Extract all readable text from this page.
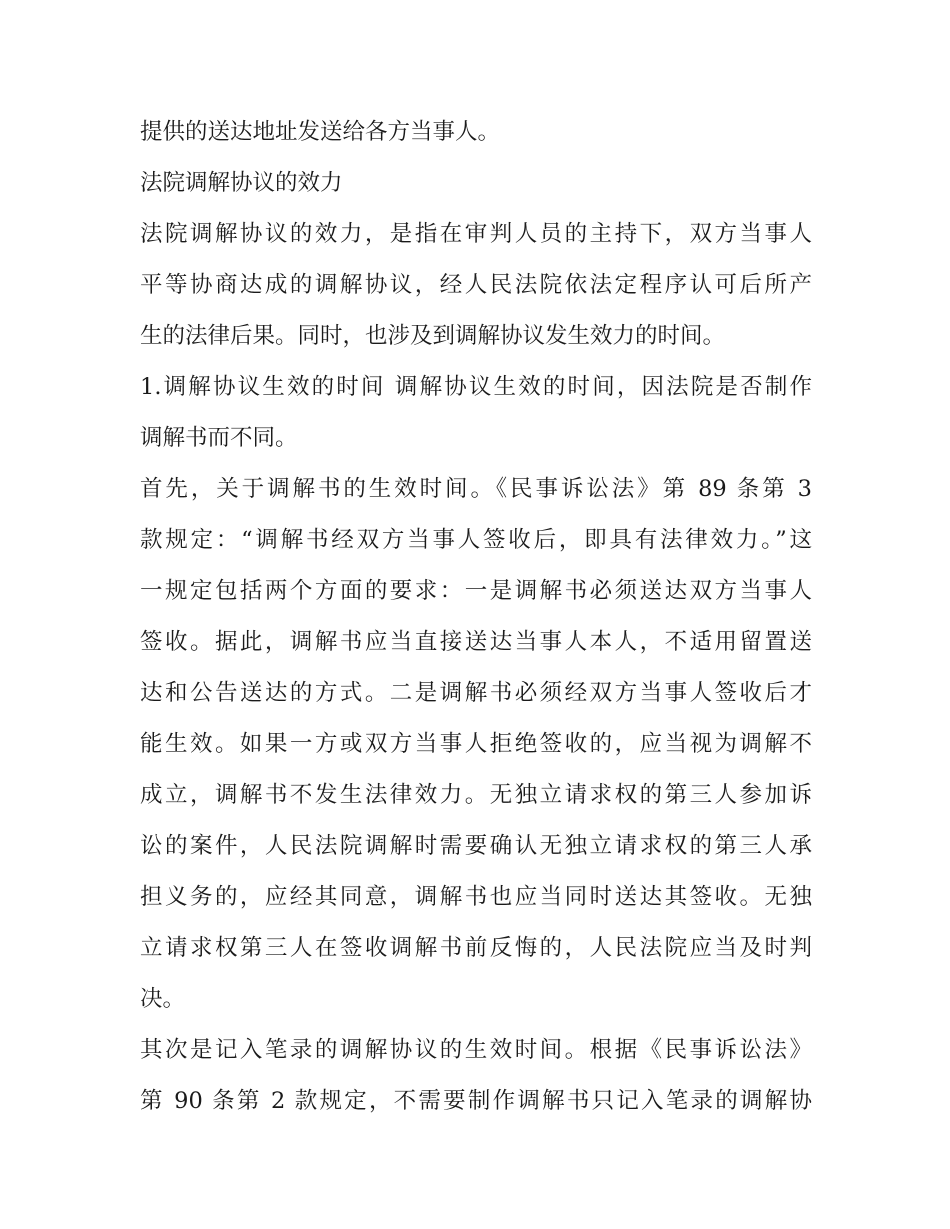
提供的送达地址发送给各方当事人。
法院调解协议的效力
法院调解协议的效力，是指在审判人员的主持下，双方当事人
平等协商达成的调解协议，经人民法院依法定程序认可后所产
生的法律后果。同时，也涉及到调解协议发生效力的时间。
1.调解协议生效的时间 调解协议生效的时间，因法院是否制作
调解书而不同。
首先，关于调解书的生效时间。《民事诉讼法》第 89 条第 3
款规定：“调解书经双方当事人签收后，即具有法律效力。”这
一规定包括两个方面的要求：一是调解书必须送达双方当事人
签收。据此，调解书应当直接送达当事人本人，不适用留置送
达和公告送达的方式。二是调解书必须经双方当事人签收后才
能生效。如果一方或双方当事人拒绝签收的，应当视为调解不
成立，调解书不发生法律效力。无独立请求权的第三人参加诉
讼的案件，人民法院调解时需要确认无独立请求权的第三人承
担义务的，应经其同意，调解书也应当同时送达其签收。无独
立请求权第三人在签收调解书前反悔的，人民法院应当及时判
决。
其次是记入笔录的调解协议的生效时间。根据《民事诉讼法》
第 90 条第 2 款规定，不需要制作调解书只记入笔录的调解协
